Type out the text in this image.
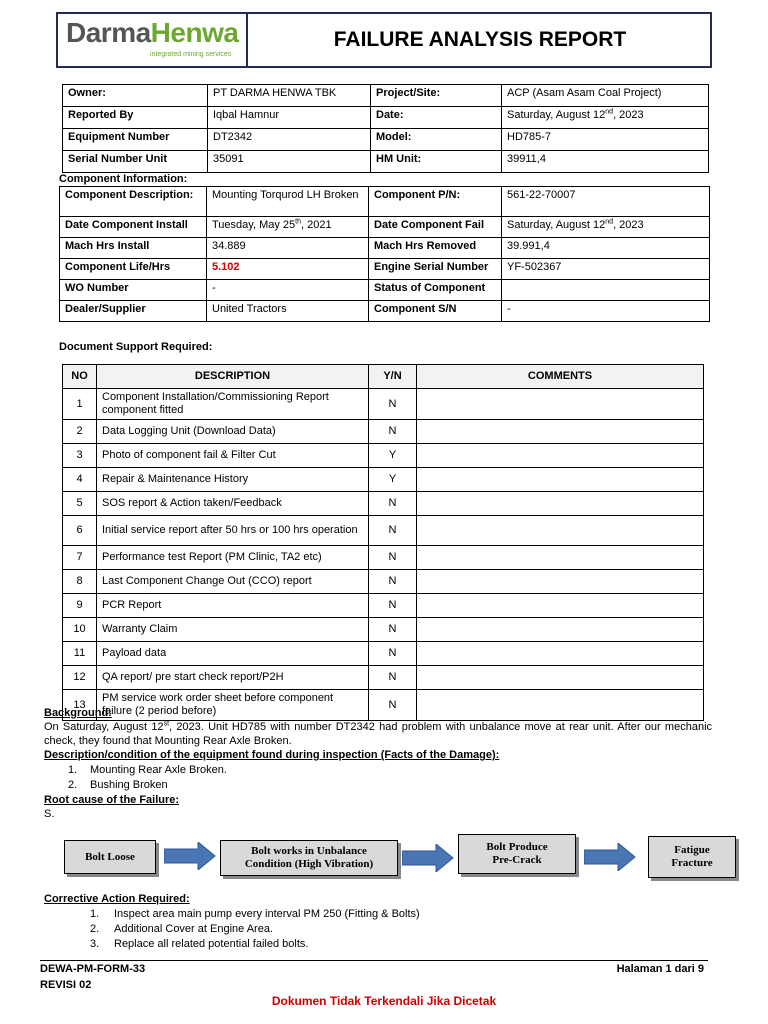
DarmaHenwa
integrated mining services
FAILURE ANALYSIS REPORT
Owner:	PT DARMA HENWA TBK	Project/Site:	ACP (Asam Asam Coal Project)
Reported By	Iqbal Hamnur	Date:	Saturday, August 12nd, 2023
Equipment Number	DT2342	Model:	HD785-7
Serial Number Unit	35091	HM Unit:	39911,4
Component Information:
Component Description:	Mounting Torqurod LH Broken	Component P/N:	561-22-70007
Date Component Install	Tuesday, May 25th, 2021	Date Component Fail	Saturday, August 12nd, 2023
Mach Hrs Install	34.889	Mach Hrs Removed	39.991,4
Component Life/Hrs	5.102	Engine Serial Number	YF-502367
WO Number	-	Status of Component	
Dealer/Supplier	United Tractors	Component S/N	-
Document Support Required:
NO	DESCRIPTION	Y/N	COMMENTS
1	Component Installation/Commissioning Report component fitted	N	
2	Data Logging Unit (Download Data)	N	
3	Photo of component fail & Filter Cut	Y	
4	Repair & Maintenance History	Y	
5	SOS report & Action taken/Feedback	N	
6	Initial service report after 50 hrs or 100 hrs operation	N	
7	Performance test Report (PM Clinic, TA2 etc)	N	
8	Last Component Change Out (CCO) report	N	
9	PCR Report	N	
10	Warranty Claim	N	
11	Payload data	N	
12	QA report/ pre start check report/P2H	N	
13	PM service work order sheet before component failure (2 period before)	N	
Background:
On Saturday, August 12st, 2023. Unit HD785 with number DT2342 had problem with unbalance move at rear unit. After our mechanic check, they found that Mounting Rear Axle Broken.
Description/condition of the equipment found during inspection (Facts of the Damage):
1. Mounting Rear Axle Broken.
2. Bushing Broken
Root cause of the Failure:
S.
Bolt Loose	Bolt works in Unbalance Condition (High Vibration)
Bolt Produce Pre-Crack
Fatigue Fracture
Corrective Action Required:
1. Inspect area main pump every interval PM 250 (Fitting & Bolts)
2. Additional Cover at Engine Area.
3. Replace all related potential failed bolts.
DEWA-PM-FORM-33
REVISI 02
Halaman 1 dari 9
Dokumen Tidak Terkendali Jika Dicetak
